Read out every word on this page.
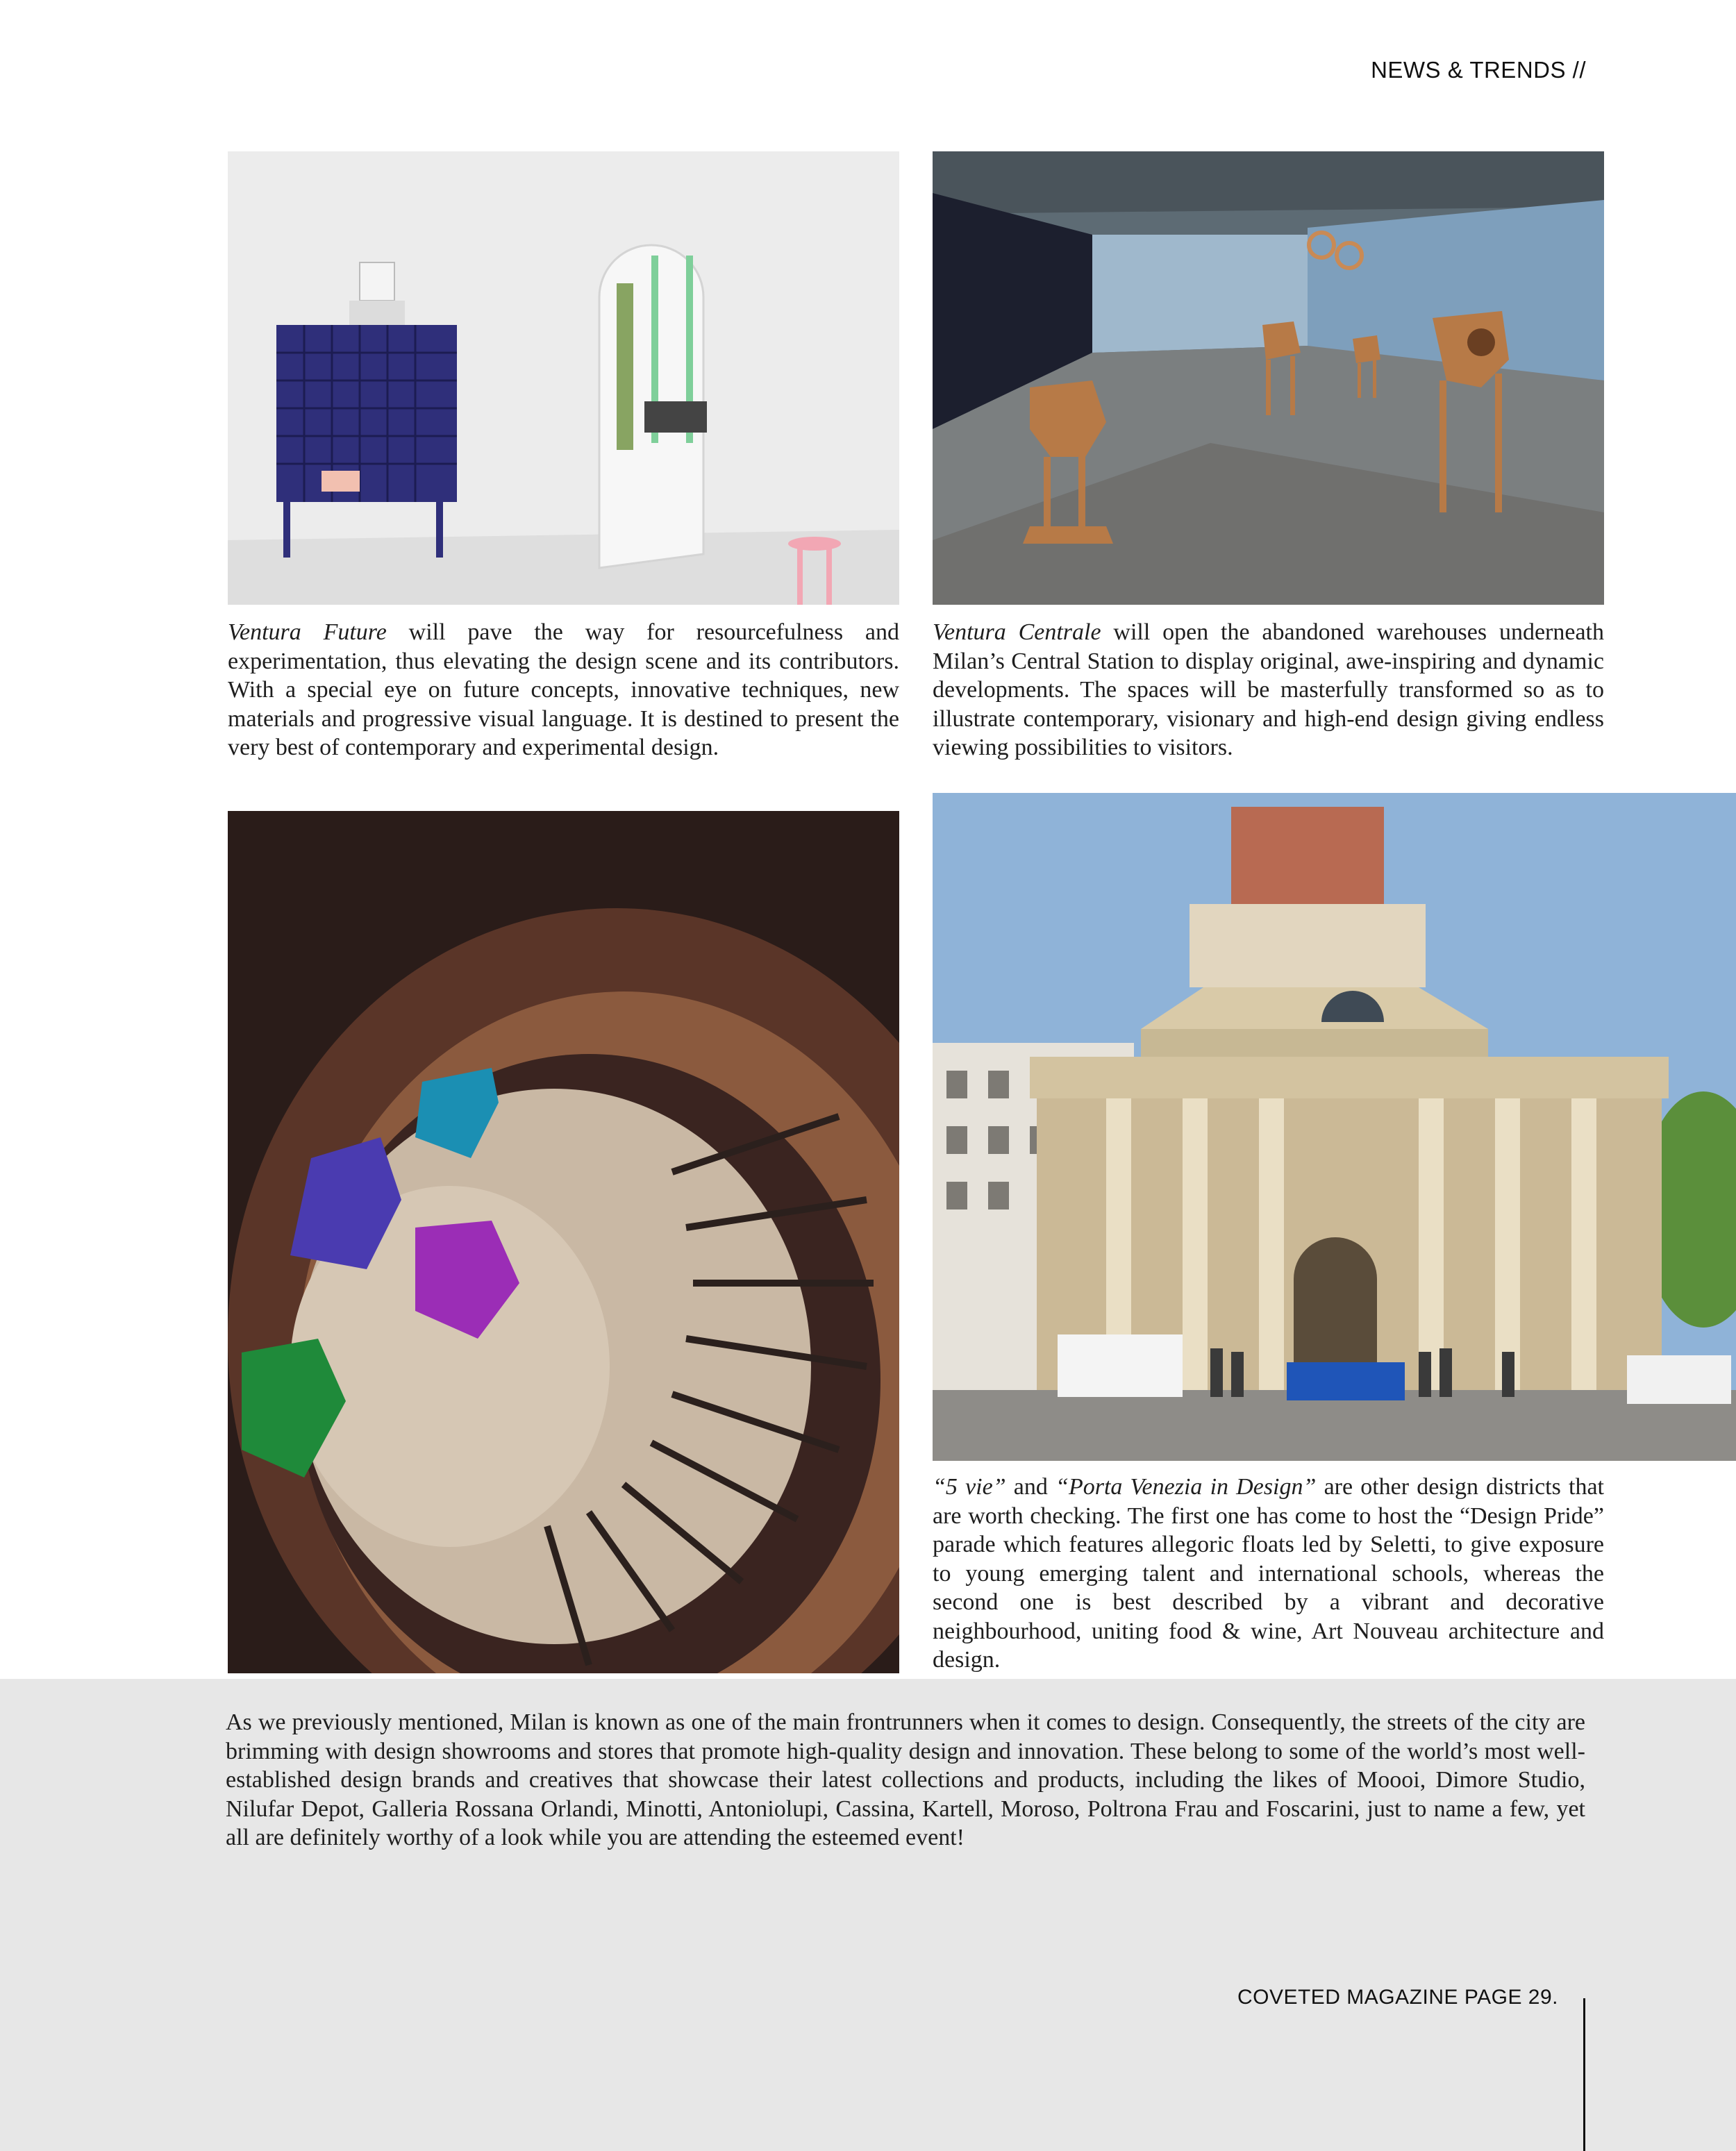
NEWS & TRENDS //
Ventura Future will pave the way for resourcefulness and experimentation, thus elevating the design scene and its contributors. With a special eye on future concepts, innovative techniques, new materials and progressive visual language. It is destined to present the very best of contemporary and experimental design.
Ventura Centrale will open the abandoned warehouses underneath Milan’s Central Station to display original, awe-inspiring and dynamic developments. The spaces will be masterfully transformed so as to illustrate contemporary, visionary and high-end design giving endless viewing possibilities to visitors.
“5 vie” and “Porta Venezia in Design” are other design districts that are worth checking. The first one has come to host the “Design Pride” parade which features allegoric floats led by Seletti, to give exposure to young emerging talent and international schools, whereas the second one is best described by a vibrant and decorative neighbourhood, uniting food & wine, Art Nouveau architecture and design.
As we previously mentioned, Milan is known as one of the main frontrunners when it comes to design. Consequently, the streets of the city are brimming with design showrooms and stores that promote high-quality design and innovation. These belong to some of the world’s most well-established design brands and creatives that showcase their latest collections and products, including the likes of Moooi, Dimore Studio, Nilufar Depot, Galleria Rossana Orlandi, Minotti, Antoniolupi, Cassina, Kartell, Moroso, Poltrona Frau and Foscarini, just to name a few, yet all are definitely worthy of a look while you are attending the esteemed event!
COVETED MAGAZINE PAGE 29.
